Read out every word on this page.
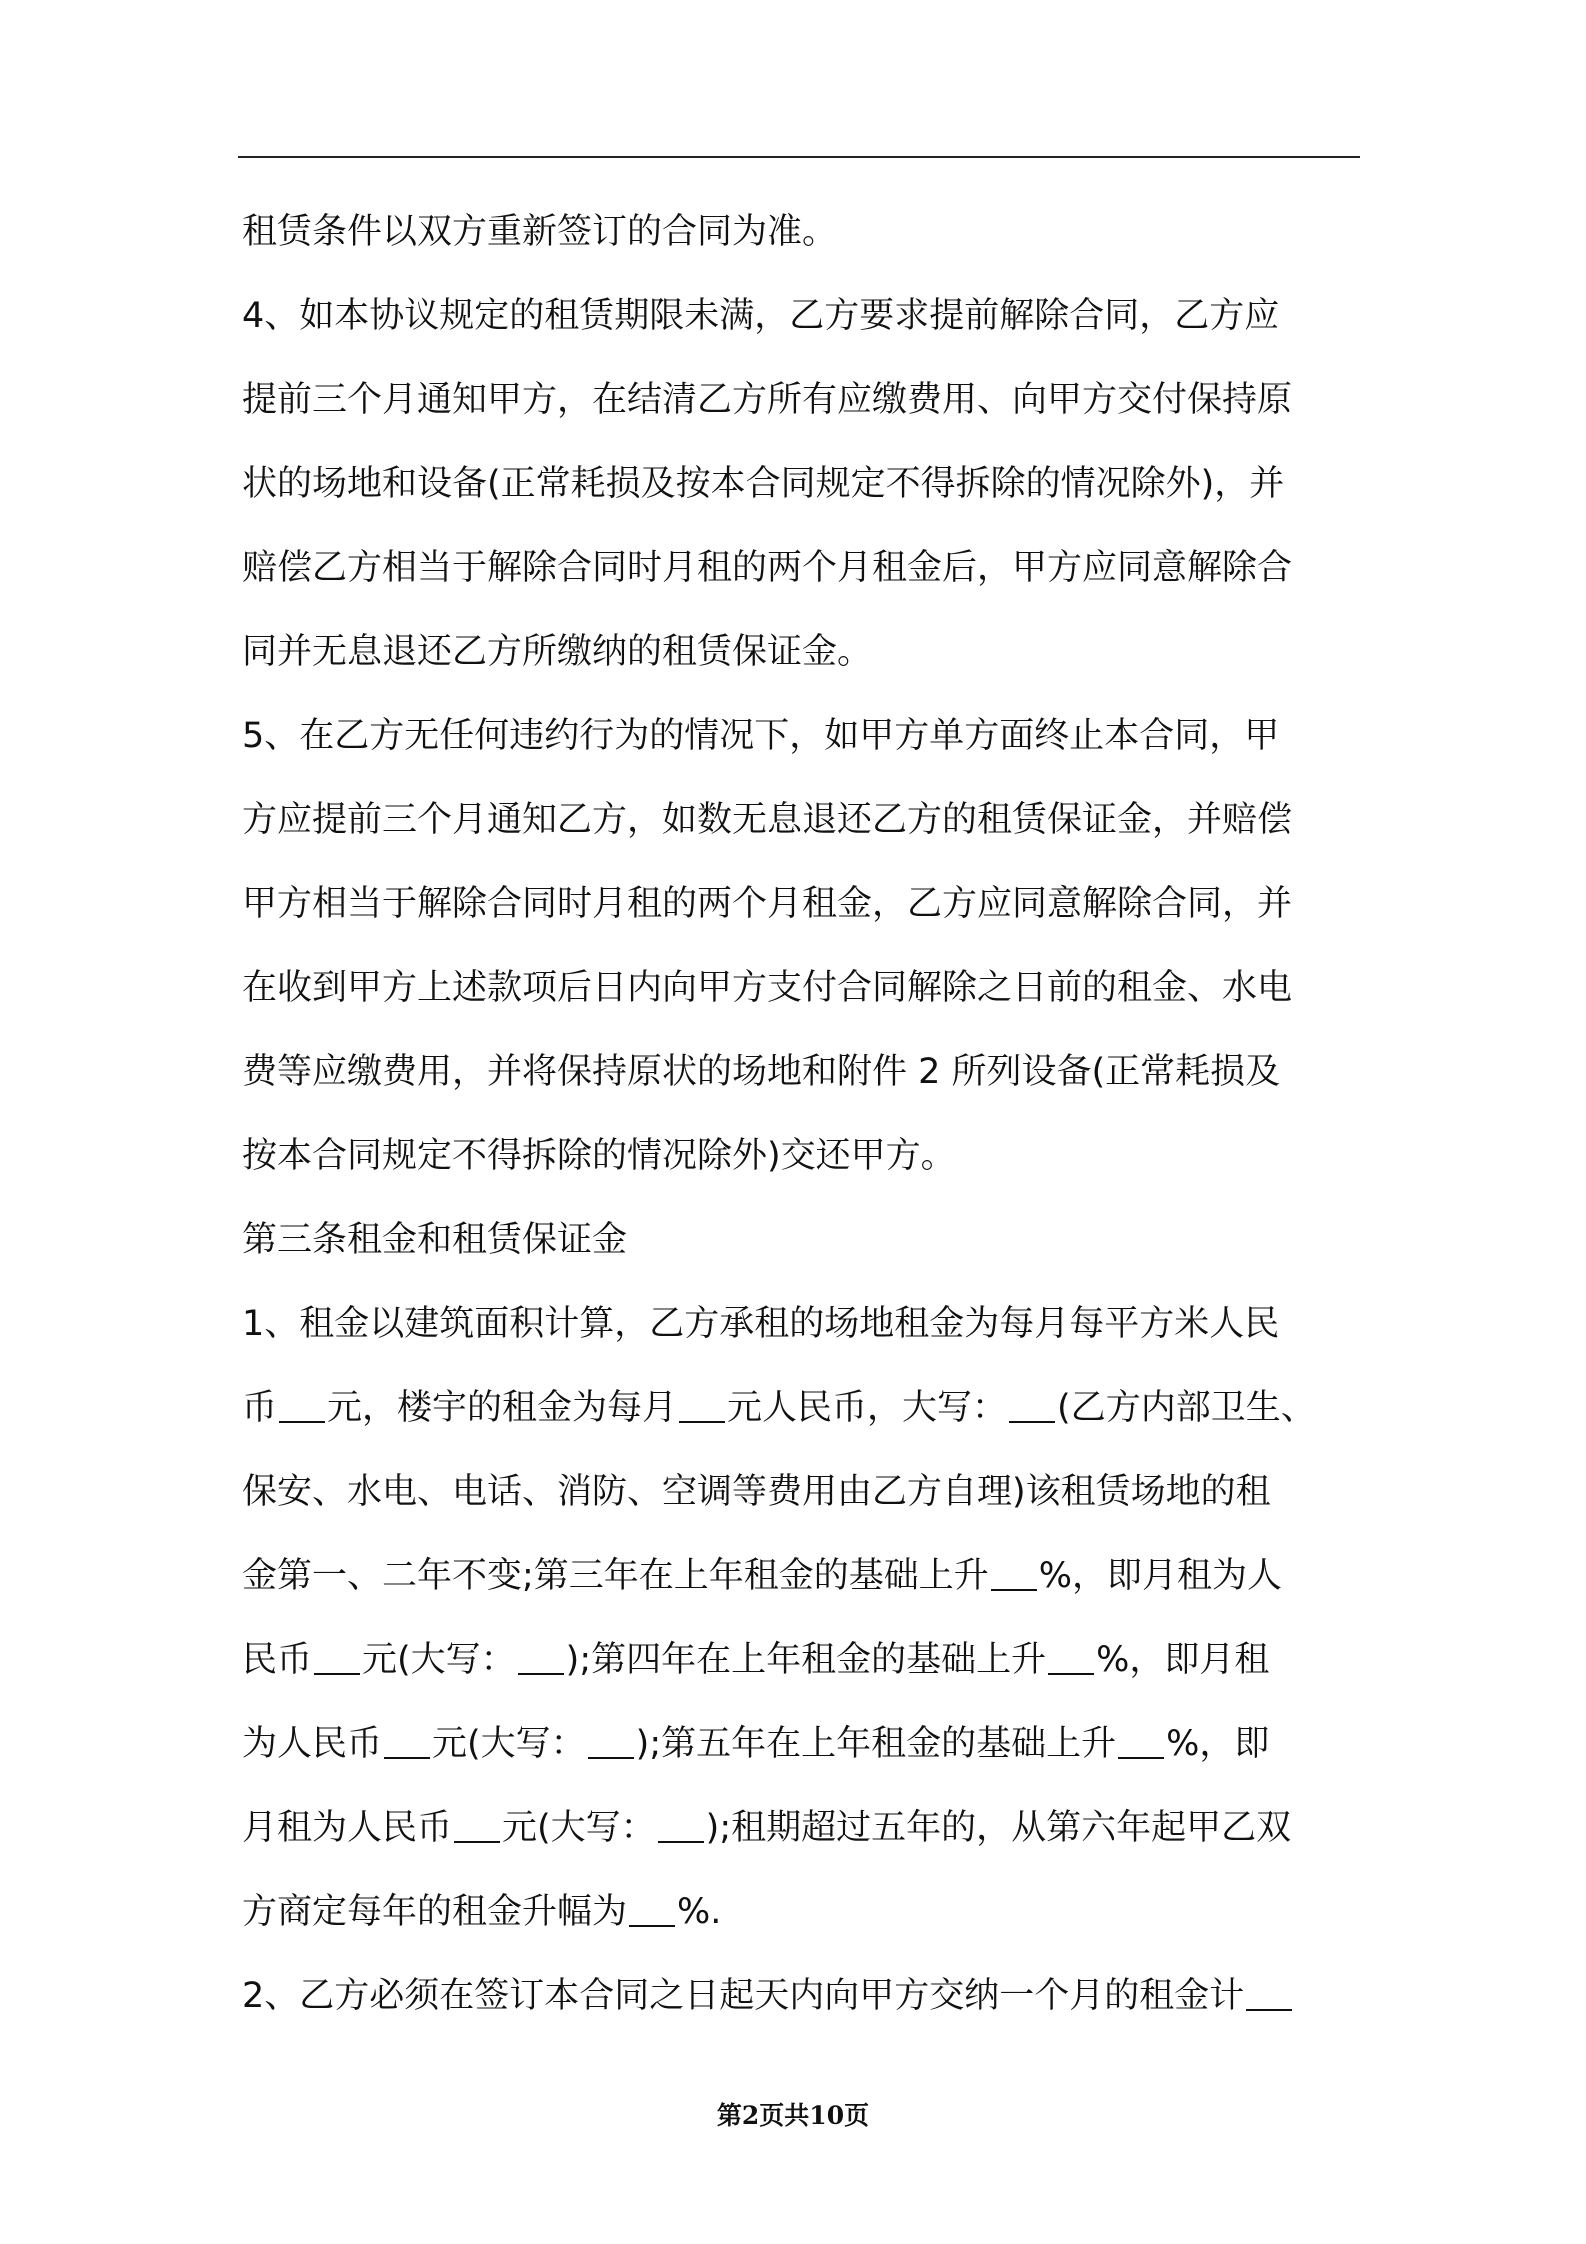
租赁条件以双方重新签订的合同为准。
4、如本协议规定的租赁期限未满，乙方要求提前解除合同，乙方应
提前三个月通知甲方，在结清乙方所有应缴费用、向甲方交付保持原
状的场地和设备(正常耗损及按本合同规定不得拆除的情况除外)，并
赔偿乙方相当于解除合同时月租的两个月租金后，甲方应同意解除合
同并无息退还乙方所缴纳的租赁保证金。
5、在乙方无任何违约行为的情况下，如甲方单方面终止本合同，甲
方应提前三个月通知乙方，如数无息退还乙方的租赁保证金，并赔偿
甲方相当于解除合同时月租的两个月租金，乙方应同意解除合同，并
在收到甲方上述款项后日内向甲方支付合同解除之日前的租金、水电
费等应缴费用，并将保持原状的场地和附件 2 所列设备(正常耗损及
按本合同规定不得拆除的情况除外)交还甲方。
第三条租金和租赁保证金
1、租金以建筑面积计算，乙方承租的场地租金为每月每平方米人民
币 元，楼宇的租金为每月 元人民币，大写： (乙方内部卫生、
保安、水电、电话、消防、空调等费用由乙方自理)该租赁场地的租
金第一、二年不变;第三年在上年租金的基础上升 %，即月租为人
民币 元(大写： );第四年在上年租金的基础上升 %，即月租
为人民币 元(大写： );第五年在上年租金的基础上升 %，即
月租为人民币 元(大写： );租期超过五年的，从第六年起甲乙双
方商定每年的租金升幅为 %.
2、乙方必须在签订本合同之日起天内向甲方交纳一个月的租金计
第2页共10页
